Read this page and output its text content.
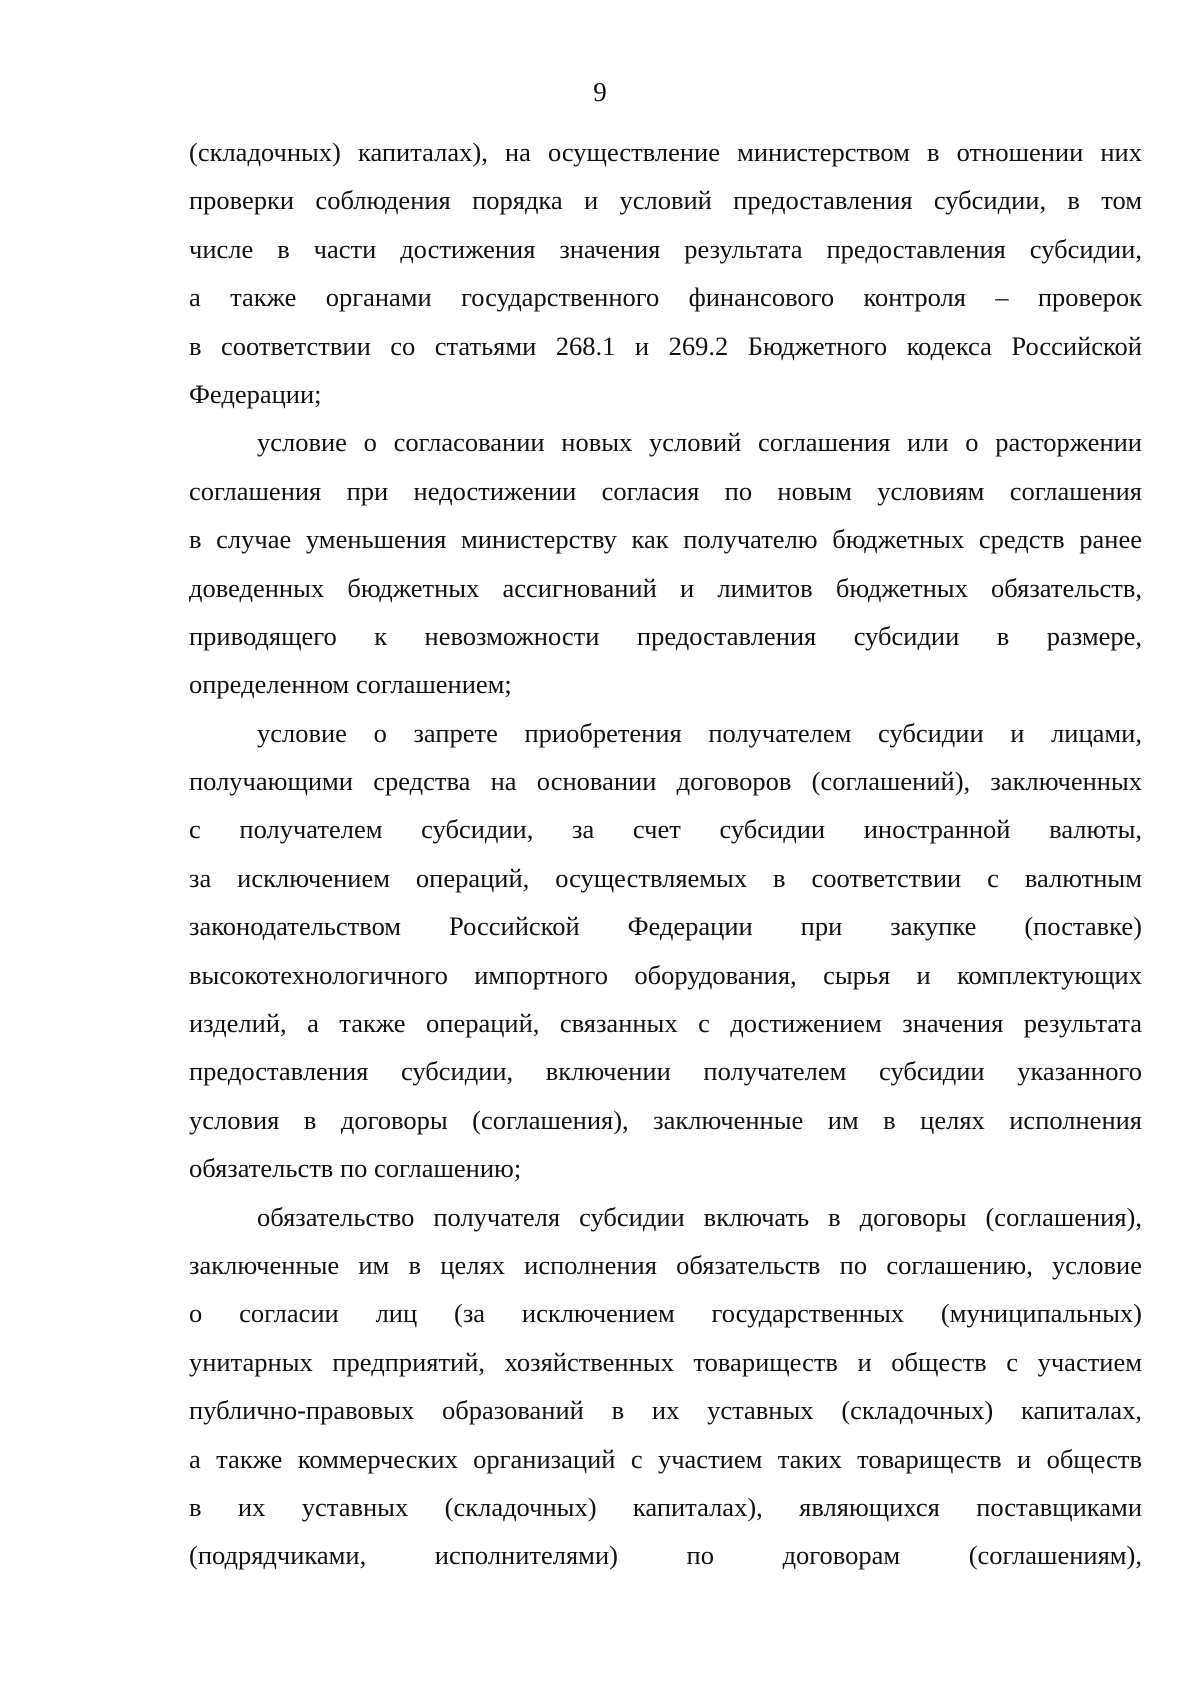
9
(складочных) капиталах), на осуществление министерством в отношении них
проверки соблюдения порядка и условий предоставления субсидии, в том
числе в части достижения значения результата предоставления субсидии,
а также органами государственного финансового контроля – проверок
в соответствии со статьями 268.1 и 269.2 Бюджетного кодекса Российской
Федерации;
условие о согласовании новых условий соглашения или о расторжении
соглашения при недостижении согласия по новым условиям соглашения
в случае уменьшения министерству как получателю бюджетных средств ранее
доведенных бюджетных ассигнований и лимитов бюджетных обязательств,
приводящего к невозможности предоставления субсидии в размере,
определенном соглашением;
условие о запрете приобретения получателем субсидии и лицами,
получающими средства на основании договоров (соглашений), заключенных
с получателем субсидии, за счет субсидии иностранной валюты,
за исключением операций, осуществляемых в соответствии с валютным
законодательством Российской Федерации при закупке (поставке)
высокотехнологичного импортного оборудования, сырья и комплектующих
изделий, а также операций, связанных с достижением значения результата
предоставления субсидии, включении получателем субсидии указанного
условия в договоры (соглашения), заключенные им в целях исполнения
обязательств по соглашению;
обязательство получателя субсидии включать в договоры (соглашения),
заключенные им в целях исполнения обязательств по соглашению, условие
о согласии лиц (за исключением государственных (муниципальных)
унитарных предприятий, хозяйственных товариществ и обществ с участием
публично-правовых образований в их уставных (складочных) капиталах,
а также коммерческих организаций с участием таких товариществ и обществ
в их уставных (складочных) капиталах), являющихся поставщиками
(подрядчиками, исполнителями) по договорам (соглашениям),
